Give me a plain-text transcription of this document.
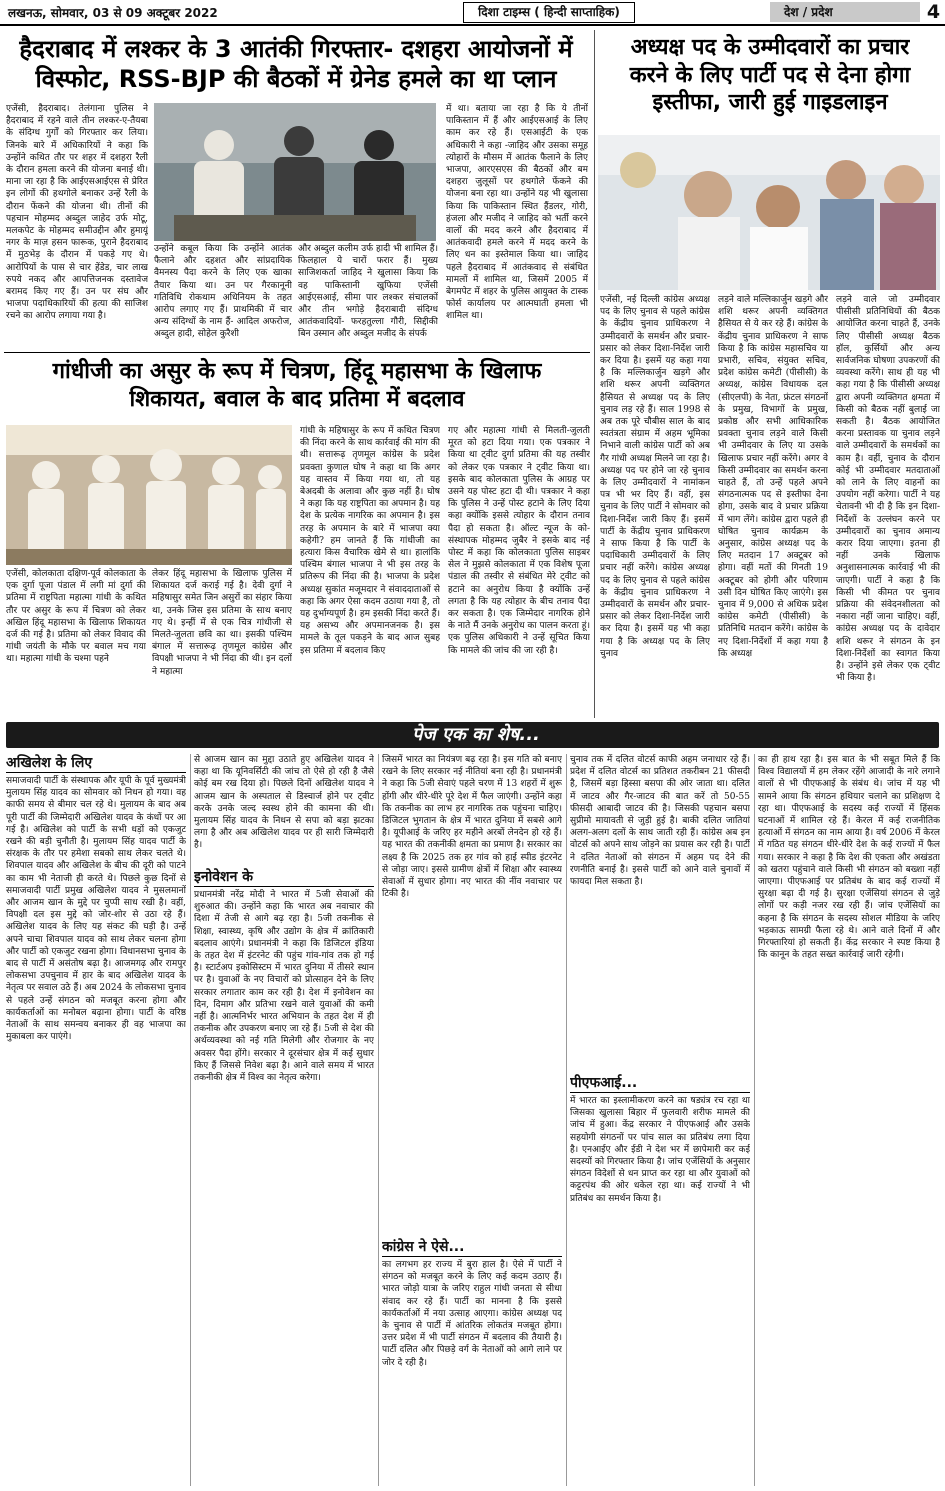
लखनऊ, सोमवार, 03 से 09 अक्टूबर 2022	दिशा टाइम्स ( हिन्दी साप्ताहिक)	देश / प्रदेश	4
हैदराबाद में लश्कर के 3 आतंकी गिरफ्तार- दशहरा आयोजनों में
विस्फोट, RSS-BJP की बैठकों में ग्रेनेड हमले का था प्लान
एजेंसी, हैदराबाद। तेलंगाना पुलिस ने हैदराबाद में रहने वाले तीन लश्कर-ए-तैयबा के संदिग्ध गुर्गों को गिरफ्तार कर लिया। जिनके बारे में अधिकारियों ने कहा कि उन्होंने कथित तौर पर शहर में दशहरा रैली के दौरान हमला करने की योजना बनाई थी। माना जा रहा है कि आईएसआईएस से प्रेरित इन लोगों की हथगोले बनाकर उन्हें रैली के दौरान फेंकने की योजना थी। तीनों की पहचान मोहम्मद अब्दुल जाहेद उर्फ मोटू, मलकपेट के मोहम्मद समीउद्दीन और हुमायूं नगर के माज़ हसन फारूक, पुराने हैदराबाद में मुठभेड़ के दौरान में पकड़े गए थे। आरोपियों के पास से चार हेंडेड, चार लाख रुपये नकद और आपत्तिजनक दस्तावेज बरामद किए गए हैं। उन पर संघ और भाजपा पदाधिकारियों की हत्या की साजिश रचने का आरोप लगाया गया है।
उन्होंने कबूल किया कि उन्होंने आतंक फैलाने और दहशत और सांप्रदायिक वैमनस्य पैदा करने के लिए एक खाका तैयार किया था। उन पर गैरकानूनी गतिविधि रोकथाम अधिनियम के तहत आरोप लगाए गए हैं। प्राथमिकी में चार अन्य संदिग्धों के नाम हैं- आदिल अफरोज, अब्दुल हादी, सोहेल कुरैशी
और अब्दुल कलीम उर्फ हादी भी शामिल हैं। फिलहाल ये चारों फरार हैं। मुख्य साजिशकर्ता जाहिद ने खुलासा किया कि वह पाकिस्तानी खुफिया एजेंसी आईएसआई, सीमा पार लश्कर संचालकों और तीन भगोड़े हैदराबादी संदिग्ध आतंकवादियों- फरहतुल्ला गौरी, सिद्दीकी बिन उस्मान और अब्दुल मजीद के संपर्क
में था। बताया जा रहा है कि ये तीनों पाकिस्तान में हैं और आईएसआई के लिए काम कर रहे हैं। एसआईटी के एक अधिकारी ने कहा -जाहिद और उसका समूह त्योहारों के मौसम में आतंक फैलाने के लिए भाजपा, आरएसएस की बैठकों और बम दशहरा जुलूसों पर हथगोले फेंकने की योजना बना रहा था। उन्होंने यह भी खुलासा किया कि पाकिस्तान स्थित हैंडलर, गोरी, हंजला और मजीद ने जाहिद को भर्ती करने वालों की मदद करने और हैदराबाद में आतंकवादी हमले करने में मदद करने के लिए धन का इस्तेमाल किया था। जाहिद पहले हैदराबाद में आतंकवाद से संबंधित मामलों में शामिल था, जिसमें 2005 में बेगमपेट में शहर के पुलिस आयुक्त के टास्क फोर्स कार्यालय पर आत्मघाती हमला भी शामिल था।
अध्यक्ष पद के उम्मीदवारों का प्रचार
करने के लिए पार्टी पद से देना होगा
इस्तीफा, जारी हुई गाइडलाइन
एजेंसी, नई दिल्ली कांग्रेस अध्यक्ष पद के लिए चुनाव से पहले कांग्रेस के केंद्रीय चुनाव प्राधिकरण ने उम्मीदवारों के समर्थन और प्रचार-प्रसार को लेकर दिशा-निर्देश जारी कर दिया है। इसमें यह कहा गया है कि मल्लिकार्जुन खड़गे और शशि थरूर अपनी व्यक्तिगत हैसियत से अध्यक्ष पद के लिए चुनाव लड़ रहे हैं। साल 1998 से अब तक पूरे चौबीस साल के बाद स्वतंत्रता संग्राम में अहम भूमिका निभाने वाली कांग्रेस पार्टी को अब गैर गांधी अध्यक्ष मिलने जा रहा है। अध्यक्ष पद पर होने जा रहे चुनाव के लिए उम्मीदवारों ने नामांकन पत्र भी भर दिए हैं। वहीं, इस चुनाव के लिए पार्टी ने सोमवार को दिशा-निर्देश जारी किए हैं। इसमें पार्टी के केंद्रीय चुनाव प्राधिकरण ने साफ किया है कि पार्टी के पदाधिकारी उम्मीदवारों के लिए प्रचार नहीं करेंगे। कांग्रेस अध्यक्ष पद के लिए चुनाव से पहले कांग्रेस के केंद्रीय चुनाव प्राधिकरण ने उम्मीदवारों के समर्थन और प्रचार-प्रसार को लेकर दिशा-निर्देश जारी कर दिया है। इसमें यह भी कहा गया है कि अध्यक्ष पद के लिए चुनाव
लड़ने वाले मल्लिकार्जुन खड़गे और शशि थरूर अपनी व्यक्तिगत हैसियत से ये कर रहे हैं। कांग्रेस के केंद्रीय चुनाव प्राधिकरण ने साफ किया है कि कांग्रेस महासचिव या प्रभारी, सचिव, संयुक्त सचिव, प्रदेश कांग्रेस कमेटी (पीसीसी) के अध्यक्ष, कांग्रेस विधायक दल (सीएलपी) के नेता, फ्रंटल संगठनों के प्रमुख, विभागों के प्रमुख, प्रकोष्ठ और सभी आधिकारिक प्रवक्ता चुनाव लड़ने वाले किसी भी उम्मीदवार के लिए या उसके खिलाफ प्रचार नहीं करेंगे। अगर वे किसी उम्मीदवार का समर्थन करना चाहते हैं, तो उन्हें पहले अपने संगठनात्मक पद से इस्तीफा देना होगा, उसके बाद वे प्रचार प्रक्रिया में भाग लेंगे। कांग्रेस द्वारा पहले ही घोषित चुनाव कार्यक्रम के अनुसार, कांग्रेस अध्यक्ष पद के लिए मतदान 17 अक्टूबर को होगा। वहीं मतों की गिनती 19 अक्टूबर को होगी और परिणाम उसी दिन घोषित किए जाएंगे। इस चुनाव में 9,000 से अधिक प्रदेश कांग्रेस कमेटी (पीसीसी) के प्रतिनिधि मतदान करेंगे। कांग्रेस के नए दिशा-निर्देशों में कहा गया है कि अध्यक्ष
लड़ने वाले जो उम्मीदवार पीसीसी प्रतिनिधियों की बैठक आयोजित करना चाहते हैं, उनके लिए पीसीसी अध्यक्ष बैठक हॉल, कुर्सियों और अन्य सार्वजनिक घोषणा उपकरणों की व्यवस्था करेंगे। साथ ही यह भी कहा गया है कि पीसीसी अध्यक्ष द्वारा अपनी व्यक्तिगत क्षमता में किसी को बैठक नहीं बुलाई जा सकती है। बैठक आयोजित करना प्रस्तावक या चुनाव लड़ने वाले उम्मीदवारों के समर्थकों का काम है। वहीं, चुनाव के दौरान कोई भी उम्मीदवार मतदाताओं को लाने के लिए वाहनों का उपयोग नहीं करेगा। पार्टी ने यह चेतावनी भी दी है कि इन दिशा-निर्देशों के उल्लंघन करने पर उम्मीदवारों का चुनाव अमान्य करार दिया जाएगा। इतना ही नहीं उनके खिलाफ अनुशासनात्मक कार्रवाई भी की जाएगी। पार्टी ने कहा है कि किसी भी कीमत पर चुनाव प्रक्रिया की संवेदनशीलता को नकारा नहीं जाना चाहिए। वहीं, कांग्रेस अध्यक्ष पद के दावेदार शशि थरूर ने संगठन के इन दिशा-निर्देशों का स्वागत किया है। उन्होंने इसे लेकर एक ट्वीट भी किया है।
गांधीजी का असुर के रूप में चित्रण, हिंदू महासभा के खिलाफ
शिकायत, बवाल के बाद प्रतिमा में बदलाव
एजेंसी, कोलकाता दक्षिण-पूर्व कोलकाता के एक दुर्गा पूजा पंडाल में लगी मां दुर्गा की प्रतिमा में राष्ट्रपिता महात्मा गांधी के कथित तौर पर असुर के रूप में चित्रण को लेकर अखिल हिंदू महासभा के खिलाफ शिकायत दर्ज की गई है। प्रतिमा को लेकर विवाद की गांधी जयंती के मौके पर बवाल मच गया था। महात्मा गांधी के चश्मा पहने
लेकर हिंदू महासभा के खिलाफ पुलिस में शिकायत दर्ज कराई गई है। देवी दुर्गा ने महिषासुर समेत जिन असुरों का संहार किया था, उनके जिस इस प्रतिमा के साथ बनाए गए थे। इन्हीं में से एक चित्र गांधीजी से मिलते-जुलता छवि का था। इसकी पश्चिम बंगाल में सत्तारूढ़ तृणमूल कांग्रेस और विपक्षी भाजपा ने भी निंदा की थी। इन दलों ने महात्मा
गांधी के महिषासुर के रूप में कथित चित्रण की निंदा करने के साथ कार्रवाई की मांग की थी। सत्तारूढ़ तृणमूल कांग्रेस के प्रदेश प्रवक्ता कुणाल घोष ने कहा था कि अगर यह वास्तव में किया गया था, तो यह बेअदबी के अलावा और कुछ नहीं है। घोष ने कहा कि यह राष्ट्रपिता का अपमान है। यह देश के प्रत्येक नागरिक का अपमान है। इस तरह के अपमान के बारे में भाजपा क्या कहेगी? हम जानते हैं कि गांधीजी का हत्यारा किस वैचारिक खेमे से था। हालांकि पश्चिम बंगाल भाजपा ने भी इस तरह के प्रतिरूप की निंदा की है। भाजपा के प्रदेश अध्यक्ष सुकांत मजूमदार ने संवाददाताओं से कहा कि अगर ऐसा कदम उठाया गया है, तो यह दुर्भाग्यपूर्ण है। हम इसकी निंदा करते हैं। यह असभ्य और अपमानजनक है। इस मामले के तूल पकड़ने के बाद आज सुबह इस प्रतिमा में बदलाव किए
गए और महात्मा गांधी से मिलती-जुलती मूरत को हटा दिया गया। एक पत्रकार ने किया था ट्वीट दुर्गा प्रतिमा की यह तस्वीर को लेकर एक पत्रकार ने ट्वीट किया था। इसके बाद कोलकाता पुलिस के आग्रह पर उसने यह पोस्ट हटा दी थी। पत्रकार ने कहा कि पुलिस ने उन्हें पोस्ट हटाने के लिए दिया कहा क्योंकि इससे त्योहार के दौरान तनाव पैदा हो सकता है। ऑल्ट न्यूज के को-संस्थापक मोहम्मद जुबैर ने इसके बाद नई पोस्ट में कहा कि कोलकाता पुलिस साइबर सेल ने मुझसे कोलकाता में एक विशेष पूजा पंडाल की तस्वीर से संबंधित मेरे ट्वीट को हटाने का अनुरोध किया है क्योंकि उन्हें लगता है कि यह त्योहार के बीच तनाव पैदा कर सकता है। एक जिम्मेदार नागरिक होने के नाते मैं उनके अनुरोध का पालन करता हूं। एक पुलिस अधिकारी ने उन्हें सूचित किया कि मामले की जांच की जा रही है।
पेज एक का शेष...
अखिलेश के लिए
समाजवादी पार्टी के संस्थापक और यूपी के पूर्व मुख्यमंत्री मुलायम सिंह यादव का सोमवार को निधन हो गया। वह काफी समय से बीमार चल रहे थे। मुलायम के बाद अब पूरी पार्टी की जिम्मेदारी अखिलेश यादव के कंधों पर आ गई है। अखिलेश को पार्टी के सभी धड़ों को एकजुट रखने की बड़ी चुनौती है। मुलायम सिंह यादव पार्टी के संरक्षक के तौर पर हमेशा सबको साथ लेकर चलते थे। शिवपाल यादव और अखिलेश के बीच की दूरी को पाटने का काम भी नेताजी ही करते थे। पिछले कुछ दिनों से समाजवादी पार्टी प्रमुख अखिलेश यादव ने मुसलमानों और आजम खान के मुद्दे पर चुप्पी साध रखी है। वहीं, विपक्षी दल इस मुद्दे को जोर-शोर से उठा रहे हैं। अखिलेश यादव के लिए यह संकट की घड़ी है। उन्हें अपने चाचा शिवपाल यादव को साथ लेकर चलना होगा और पार्टी को एकजुट रखना होगा। विधानसभा चुनाव के बाद से पार्टी में असंतोष बढ़ा है। आजमगढ़ और रामपुर लोकसभा उपचुनाव में हार के बाद अखिलेश यादव के नेतृत्व पर सवाल उठे हैं। अब 2024 के लोकसभा चुनाव से पहले उन्हें संगठन को मजबूत करना होगा और कार्यकर्ताओं का मनोबल बढ़ाना होगा। पार्टी के वरिष्ठ नेताओं के साथ समन्वय बनाकर ही वह भाजपा का मुकाबला कर पाएंगे।
से आजम खान का मुद्दा उठाते हुए अखिलेश यादव ने कहा था कि यूनिवर्सिटी की जांच तो ऐसे हो रही है जैसे कोई बम रख दिया हो। पिछले दिनों अखिलेश यादव ने आजम खान के अस्पताल से डिस्चार्ज होने पर ट्वीट करके उनके जल्द स्वस्थ होने की कामना की थी। मुलायम सिंह यादव के निधन से सपा को बड़ा झटका लगा है और अब अखिलेश यादव पर ही सारी जिम्मेदारी है।
इनोवेशन के
प्रधानमंत्री नरेंद्र मोदी ने भारत में 5जी सेवाओं की शुरुआत की। उन्होंने कहा कि भारत अब नवाचार की दिशा में तेजी से आगे बढ़ रहा है। 5जी तकनीक से शिक्षा, स्वास्थ्य, कृषि और उद्योग के क्षेत्र में क्रांतिकारी बदलाव आएंगे। प्रधानमंत्री ने कहा कि डिजिटल इंडिया के तहत देश में इंटरनेट की पहुंच गांव-गांव तक हो गई है। स्टार्टअप इकोसिस्टम में भारत दुनिया में तीसरे स्थान पर है। युवाओं के नए विचारों को प्रोत्साहन देने के लिए सरकार लगातार काम कर रही है। देश में इनोवेशन का दिन, दिमाग और प्रतिभा रखने वाले युवाओं की कमी नहीं है। आत्मनिर्भर भारत अभियान के तहत देश में ही तकनीक और उपकरण बनाए जा रहे हैं। 5जी से देश की अर्थव्यवस्था को नई गति मिलेगी और रोजगार के नए अवसर पैदा होंगे। सरकार ने दूरसंचार क्षेत्र में कई सुधार किए हैं जिससे निवेश बढ़ा है। आने वाले समय में भारत तकनीकी क्षेत्र में विश्व का नेतृत्व करेगा।
जिसमें भारत का नियंत्रण बढ़ रहा है। इस गति को बनाए रखने के लिए सरकार नई नीतियां बना रही है। प्रधानमंत्री ने कहा कि 5जी सेवाएं पहले चरण में 13 शहरों में शुरू होंगी और धीरे-धीरे पूरे देश में फैल जाएंगी। उन्होंने कहा कि तकनीक का लाभ हर नागरिक तक पहुंचना चाहिए। डिजिटल भुगतान के क्षेत्र में भारत दुनिया में सबसे आगे है। यूपीआई के जरिए हर महीने अरबों लेनदेन हो रहे हैं। यह भारत की तकनीकी क्षमता का प्रमाण है। सरकार का लक्ष्य है कि 2025 तक हर गांव को हाई स्पीड इंटरनेट से जोड़ा जाए। इससे ग्रामीण क्षेत्रों में शिक्षा और स्वास्थ्य सेवाओं में सुधार होगा। नए भारत की नींव नवाचार पर टिकी है।
कांग्रेस ने ऐसे...
का लगभग हर राज्य में बुरा हाल है। ऐसे में पार्टी ने संगठन को मजबूत करने के लिए कई कदम उठाए हैं। भारत जोड़ो यात्रा के जरिए राहुल गांधी जनता से सीधा संवाद कर रहे हैं। पार्टी का मानना है कि इससे कार्यकर्ताओं में नया उत्साह आएगा। कांग्रेस अध्यक्ष पद के चुनाव से पार्टी में आंतरिक लोकतंत्र मजबूत होगा। उत्तर प्रदेश में भी पार्टी संगठन में बदलाव की तैयारी है। पार्टी दलित और पिछड़े वर्ग के नेताओं को आगे लाने पर जोर दे रही है।
चुनाव तक में दलित वोटर्स काफी अहम जनाधार रहे हैं। प्रदेश में दलित वोटर्स का प्रतिशत तकरीबन 21 फीसदी है, जिसमें बड़ा हिस्सा बसपा की ओर जाता था। दलित में जाटव और गैर-जाटव की बात करें तो 50-55 फीसदी आबादी जाटव की है। जिसकी पहचान बसपा सुप्रीमो मायावती से जुड़ी हुई है। बाकी दलित जातियां अलग-अलग दलों के साथ जाती रही हैं। कांग्रेस अब इन वोटर्स को अपने साथ जोड़ने का प्रयास कर रही है। पार्टी ने दलित नेताओं को संगठन में अहम पद देने की रणनीति बनाई है। इससे पार्टी को आने वाले चुनावों में फायदा मिल सकता है।
पीएफआई...
में भारत का इस्लामीकरण करने का षड्यंत्र रच रहा था जिसका खुलासा बिहार में फुलवारी शरीफ मामले की जांच में हुआ। केंद्र सरकार ने पीएफआई और उसके सहयोगी संगठनों पर पांच साल का प्रतिबंध लगा दिया है। एनआईए और ईडी ने देश भर में छापेमारी कर कई सदस्यों को गिरफ्तार किया है। जांच एजेंसियों के अनुसार संगठन विदेशों से धन प्राप्त कर रहा था और युवाओं को कट्टरपंथ की ओर धकेल रहा था। कई राज्यों ने भी प्रतिबंध का समर्थन किया है।
का ही हाथ रहा है। इस बात के भी सबूत मिले हैं कि विश्व विद्यालयों में हम लेकर रहेंगे आजादी के नारे लगाने वालों से भी पीएफआई के संबंध थे। जांच में यह भी सामने आया कि संगठन हथियार चलाने का प्रशिक्षण दे रहा था। पीएफआई के सदस्य कई राज्यों में हिंसक घटनाओं में शामिल रहे हैं। केरल में कई राजनीतिक हत्याओं में संगठन का नाम आया है। वर्ष 2006 में केरल में गठित यह संगठन धीरे-धीरे देश के कई राज्यों में फैल गया। सरकार ने कहा है कि देश की एकता और अखंडता को खतरा पहुंचाने वाले किसी भी संगठन को बख्शा नहीं जाएगा। पीएफआई पर प्रतिबंध के बाद कई राज्यों में सुरक्षा बढ़ा दी गई है। सुरक्षा एजेंसियां संगठन से जुड़े लोगों पर कड़ी नजर रख रही हैं। जांच एजेंसियों का कहना है कि संगठन के सदस्य सोशल मीडिया के जरिए भड़काऊ सामग्री फैला रहे थे। आने वाले दिनों में और गिरफ्तारियां हो सकती हैं। केंद्र सरकार ने स्पष्ट किया है कि कानून के तहत सख्त कार्रवाई जारी रहेगी।
